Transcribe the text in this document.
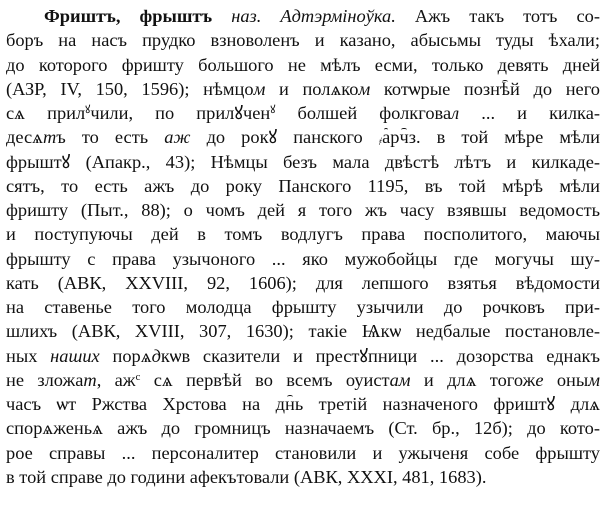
Фриштъ, фрыштъ наз. Адтэрмiноўка. Ажъ такъ тотъ со-
боръ на насъ прудко взноволенъ и казано, абысьмы туды ѣхали;
до которого фришту большого не мѣлъ есми, только девять дней
(АЗР, IV, 150, 1596); нѣмцом и полѧком котѡрые познѣй до него
сѧ прил$^ꙋ$чили, по прилꙋчен$^ꙋ$ болшей фолкговал ... и килка-
десѧтъ то есть аж до рокꙋ панского ҂арчз. в той мѣре мѣли
фрыштꙋ (Апакр., 43); Нѣмцы безъ мала двѣстѣ лѣтъ и килкаде-
сятъ, то есть ажъ до року Панского 1195, въ той мѣрѣ мѣли
фришту (Пыт., 88); о чомъ дей я того жъ часу взявшы ведомость
и поступуючы дей в томъ водлугъ права посполитого, маючы
фрышту с права узычоного ... яко мужобойцы где могучы шу-
кать (АВК, XXVIII, 92, 1606); для лепшого взятья вѣдомости
на ставенье того молодца фрышту узычили до рочковъ при-
шлихъ (АВК, XVIII, 307, 1630); такiе Ѩкѡ недбалые постановле-
ных наших порѧдкѡв сказители и престꙋпници ... дозорства еднакъ
не зложат, $аж^с$ сѧ первѣй во всемъ оуистам и длѧ тогоже оным
часъ ѡт Ржства Хрстова на днь третiй назначеного фриштꙋ длѧ
спорѧженьѧ ажъ до громницъ назначаемъ (Ст. бр., 12б); до кото-
рое справы ... персоналитер становили и ужыченя собе фрышту
в той справе до години афекътовали (АВК, XXXI, 481, 1683).
